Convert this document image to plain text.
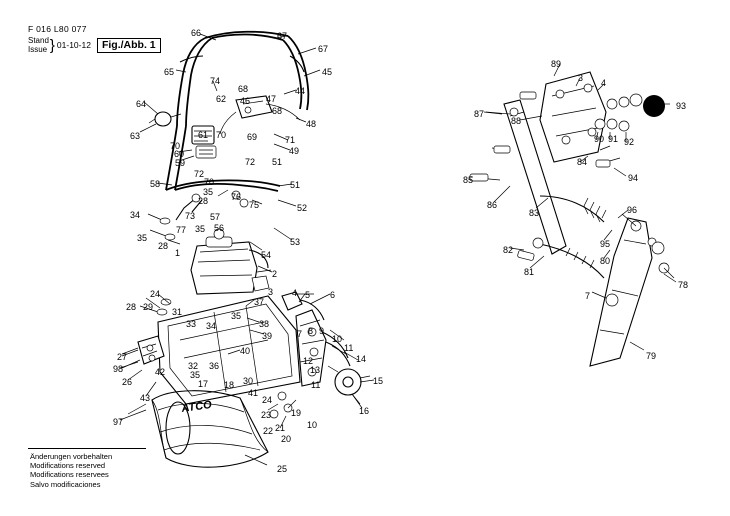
F 016 L80 077
Stand
Issue } 01-10-12	Fig./Abb. 1
Änderungen vorbehalten
Modifications reserved
Modifications reservees
Salvo modificaciones
ATCO
66	67
67
65	45
74
68	44
62 46 47
64
68
48
63	61 70 69	71
70
60	49
59	72 51
72
70
58	51
35 76
28	75	52
34	73 57
77 35 56
53
35
28
1	54
2
3 4 5 6
24
29
28	31
37
33 34
35
38
39	7 8 9
10
11
40
12	14
27
32 36
98	13
26
42
17
35
18 30	11	15
43	41
24
19	16
23
10
97
21
22
20
25
89
3 4
87
93
88
90 91 92
85
84
94
86
83	96
95
82
80
81
78
7
79
